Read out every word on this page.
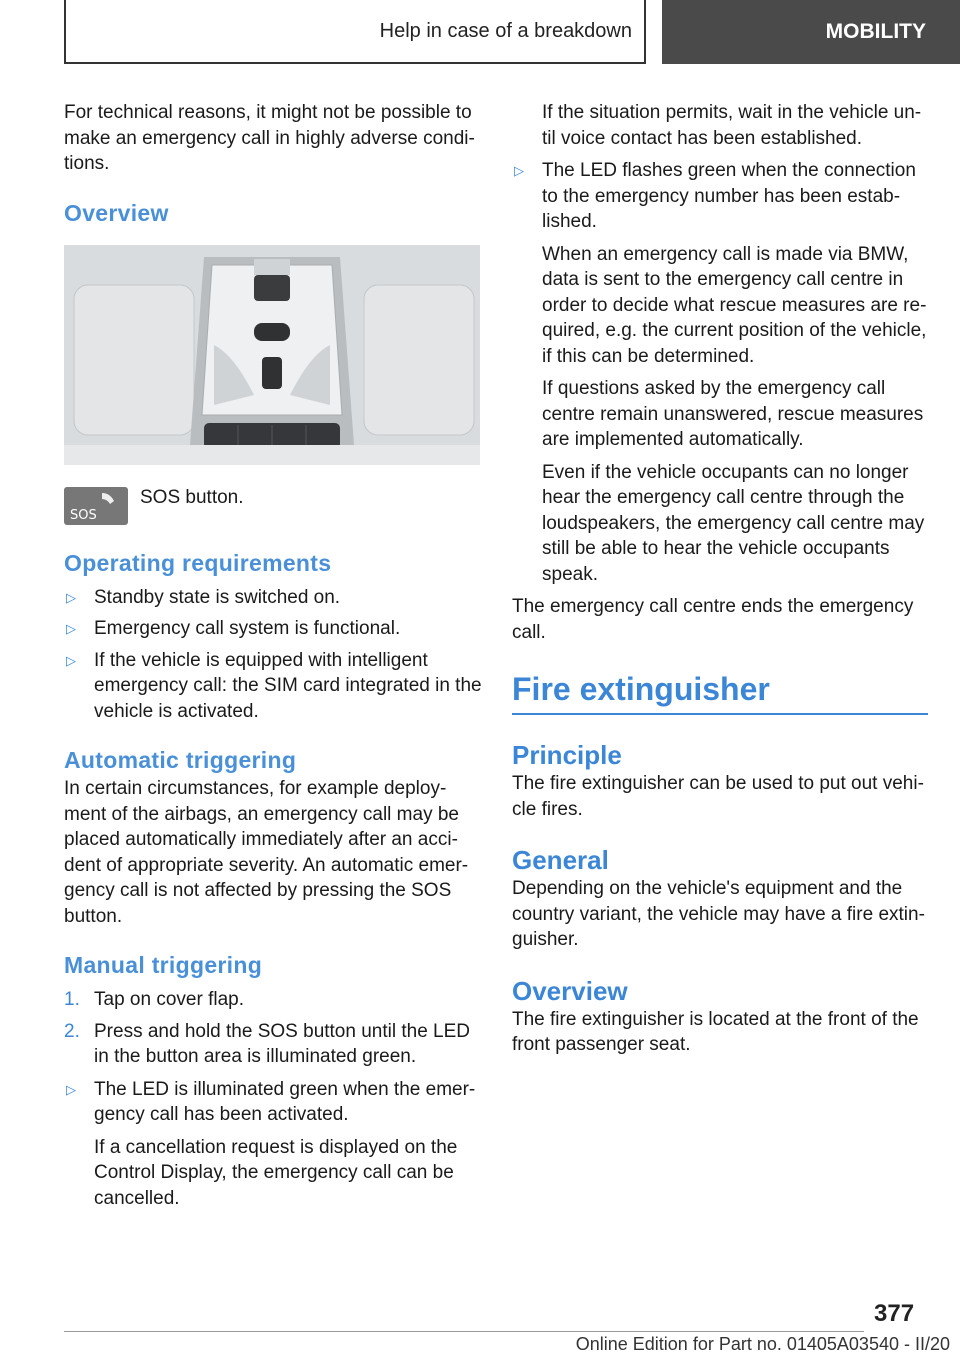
Help in case of a breakdown	MOBILITY

For technical reasons, it might not be possible to make an emergency call in highly adverse condi-tions.

Overview
SOS

SOS button.

Operating requirements
▷ Standby state is switched on.
▷ Emergency call system is functional.
▷ If the vehicle is equipped with intelligent emergency call: the SIM card integrated in the vehicle is activated.
Automatic triggering

In certain circumstances, for example deploy-ment of the airbags, an emergency call may be placed automatically immediately after an acci-dent of appropriate severity. An automatic emer-gency call is not affected by pressing the SOS button.

Manual triggering
1. Tap on cover flap.
2. Press and hold the SOS button until the LED in the button area is illuminated green.
▷ The LED is illuminated green when the emer-gency call has been activated.
If a cancellation request is displayed on the Control Display, the emergency call can be cancelled.
If the situation permits, wait in the vehicle un-til voice contact has been established.
▷ The LED flashes green when the connection to the emergency number has been estab-lished.
When an emergency call is made via BMW, data is sent to the emergency call centre in order to decide what rescue measures are re-quired, e.g. the current position of the vehicle, if this can be determined.
If questions asked by the emergency call centre remain unanswered, rescue measures are implemented automatically.
Even if the vehicle occupants can no longer hear the emergency call centre through the loudspeakers, the emergency call centre may still be able to hear the vehicle occupants speak.

The emergency call centre ends the emergency call.

Fire extinguisher
Principle

The fire extinguisher can be used to put out vehi-cle fires.

General

Depending on the vehicle's equipment and the country variant, the vehicle may have a fire extin-guisher.

Overview

The fire extinguisher is located at the front of the front passenger seat.

377
Online Edition for Part no. 01405A03540 - II/20
